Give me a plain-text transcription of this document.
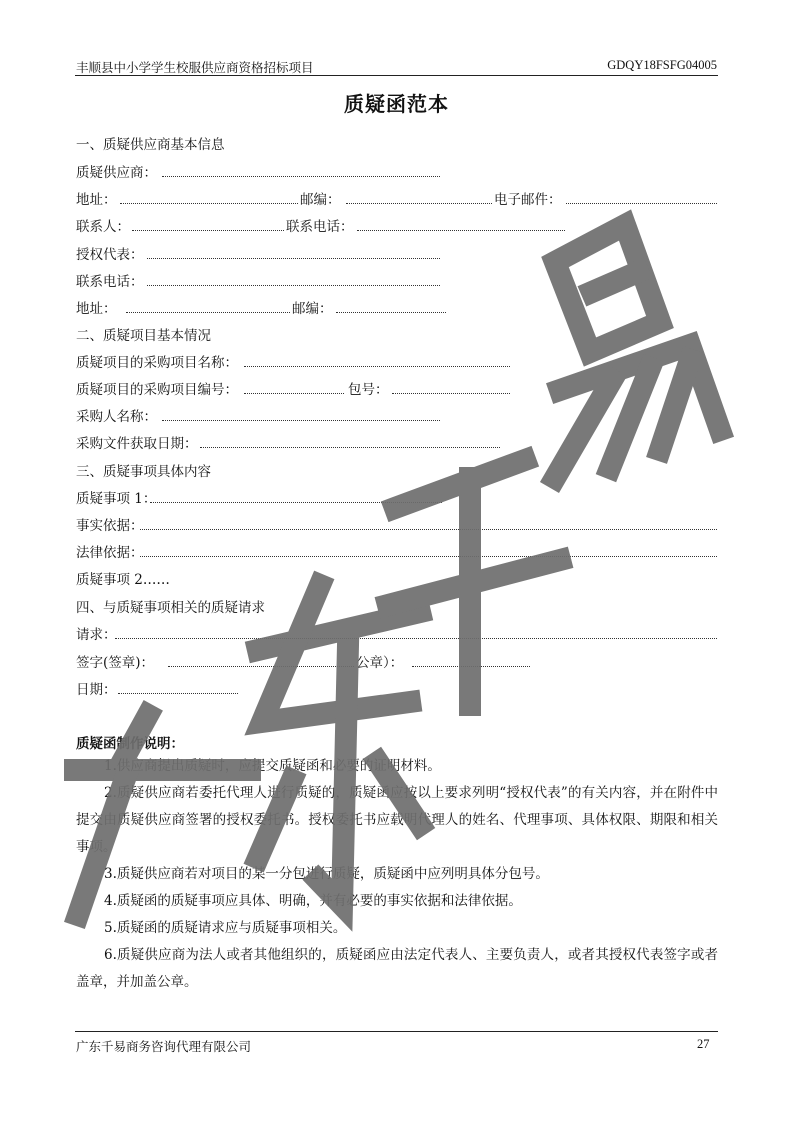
丰顺县中小学学生校服供应商资格招标项目	GDQY18FSFG04005
质疑函范本
一、质疑供应商基本信息
质疑供应商：
地址：	邮编：	电子邮件：
联系人：	联系电话：
授权代表：
联系电话：
地址：	邮编：
二、质疑项目基本情况
质疑项目的采购项目名称：
质疑项目的采购项目编号：	包号：
采购人名称：
采购文件获取日期：
三、质疑事项具体内容
质疑事项 1：
事实依据：
法律依据：
质疑事项 2……
四、与质疑事项相关的质疑请求
请求：
签字(签章)：	公章）：
日期：
质疑函制作说明：

1.供应商提出质疑时，应提交质疑函和必要的证明材料。

2.质疑供应商若委托代理人进行质疑的，质疑函应按以上要求列明“授权代表”的有关内容，并在附件中提交由质疑供应商签署的授权委托书。授权委托书应载明代理人的姓名、代理事项、具体权限、期限和相关事项。

3.质疑供应商若对项目的某一分包进行质疑，质疑函中应列明具体分包号。

4.质疑函的质疑事项应具体、明确，并有必要的事实依据和法律依据。

5.质疑函的质疑请求应与质疑事项相关。

6.质疑供应商为法人或者其他组织的，质疑函应由法定代表人、主要负责人，或者其授权代表签字或者盖章，并加盖公章。

广东千易商务咨询代理有限公司	27
